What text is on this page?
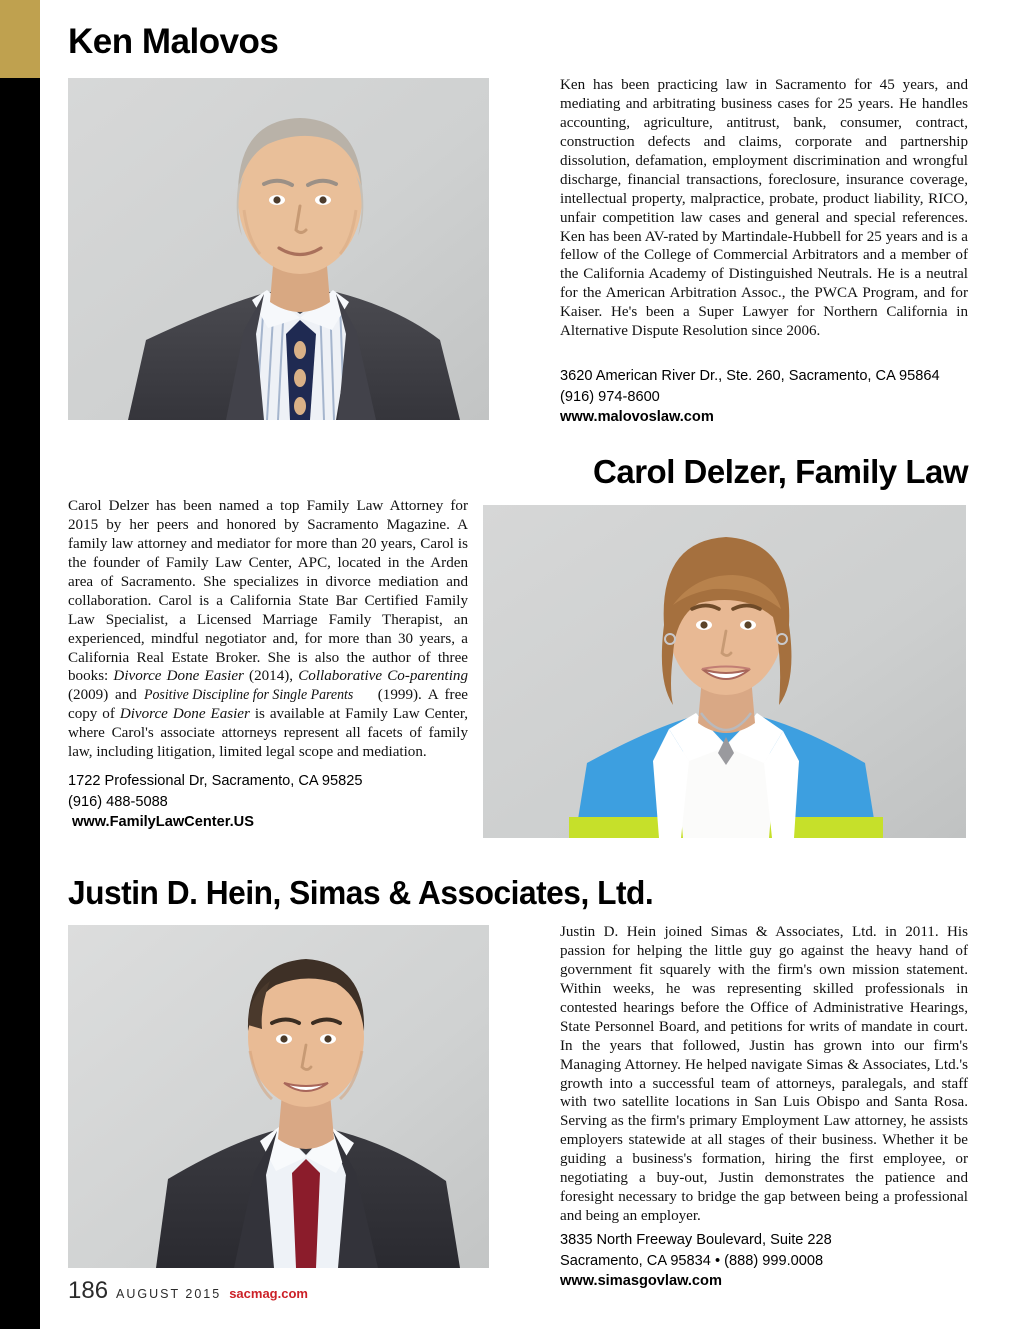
Ken Malovos
Ken has been practicing law in Sacramento for 45 years, and mediating and arbitrating business cases for 25 years. He handles accounting, agriculture, antitrust, bank, consumer, contract, construction defects and claims, corporate and partnership dissolution, defamation, employment discrimination and wrongful discharge, financial transactions, foreclosure, insurance coverage, intellectual property, malpractice, probate, product liability, RICO, unfair competition law cases and general and special references. Ken has been AV-rated by Martindale-Hubbell for 25 years and is a fellow of the College of Commercial Arbitrators and a member of the California Academy of Distinguished Neutrals. He is a neutral for the American Arbitration Assoc., the PWCA Program, and for Kaiser. He's been a Super Lawyer for Northern California in Alternative Dispute Resolution since 2006.
3620 American River Dr., Ste. 260, Sacramento, CA 95864
(916) 974-8600
www.malovoslaw.com
Carol Delzer, Family Law
Carol Delzer has been named a top Family Law Attorney for 2015 by her peers and honored by Sacramento Magazine. A family law attorney and mediator for more than 20 years, Carol is the founder of Family Law Center, APC, located in the Arden area of Sacramento. She specializes in divorce mediation and collaboration. Carol is a California State Bar Certified Family Law Specialist, a Licensed Marriage Family Therapist, an experienced, mindful negotiator and, for more than 30 years, a California Real Estate Broker. She is also the author of three books: Divorce Done Easier (2014), Collaborative Co-parenting (2009) and Positive Discipline for Single Parents (1999). A free copy of Divorce Done Easier is available at Family Law Center, where Carol's associate attorneys represent all facets of family law, including litigation, limited legal scope and mediation.
1722 Professional Dr, Sacramento, CA 95825
(916) 488-5088
www.FamilyLawCenter.US
Justin D. Hein, Simas & Associates, Ltd.
Justin D. Hein joined Simas & Associates, Ltd. in 2011. His passion for helping the little guy go against the heavy hand of government fit squarely with the firm's own mission statement. Within weeks, he was representing skilled professionals in contested hearings before the Office of Administrative Hearings, State Personnel Board, and petitions for writs of mandate in court. In the years that followed, Justin has grown into our firm's Managing Attorney. He helped navigate Simas & Associates, Ltd.'s growth into a successful team of attorneys, paralegals, and staff with two satellite locations in San Luis Obispo and Santa Rosa. Serving as the firm's primary Employment Law attorney, he assists employers statewide at all stages of their business. Whether it be guiding a business's formation, hiring the first employee, or negotiating a buy-out, Justin demonstrates the patience and foresight necessary to bridge the gap between being a professional and being an employer.
3835 North Freeway Boulevard, Suite 228
Sacramento, CA 95834 • (888) 999.0008
www.simasgovlaw.com
186 AUGUST 2015 sacmag.com
